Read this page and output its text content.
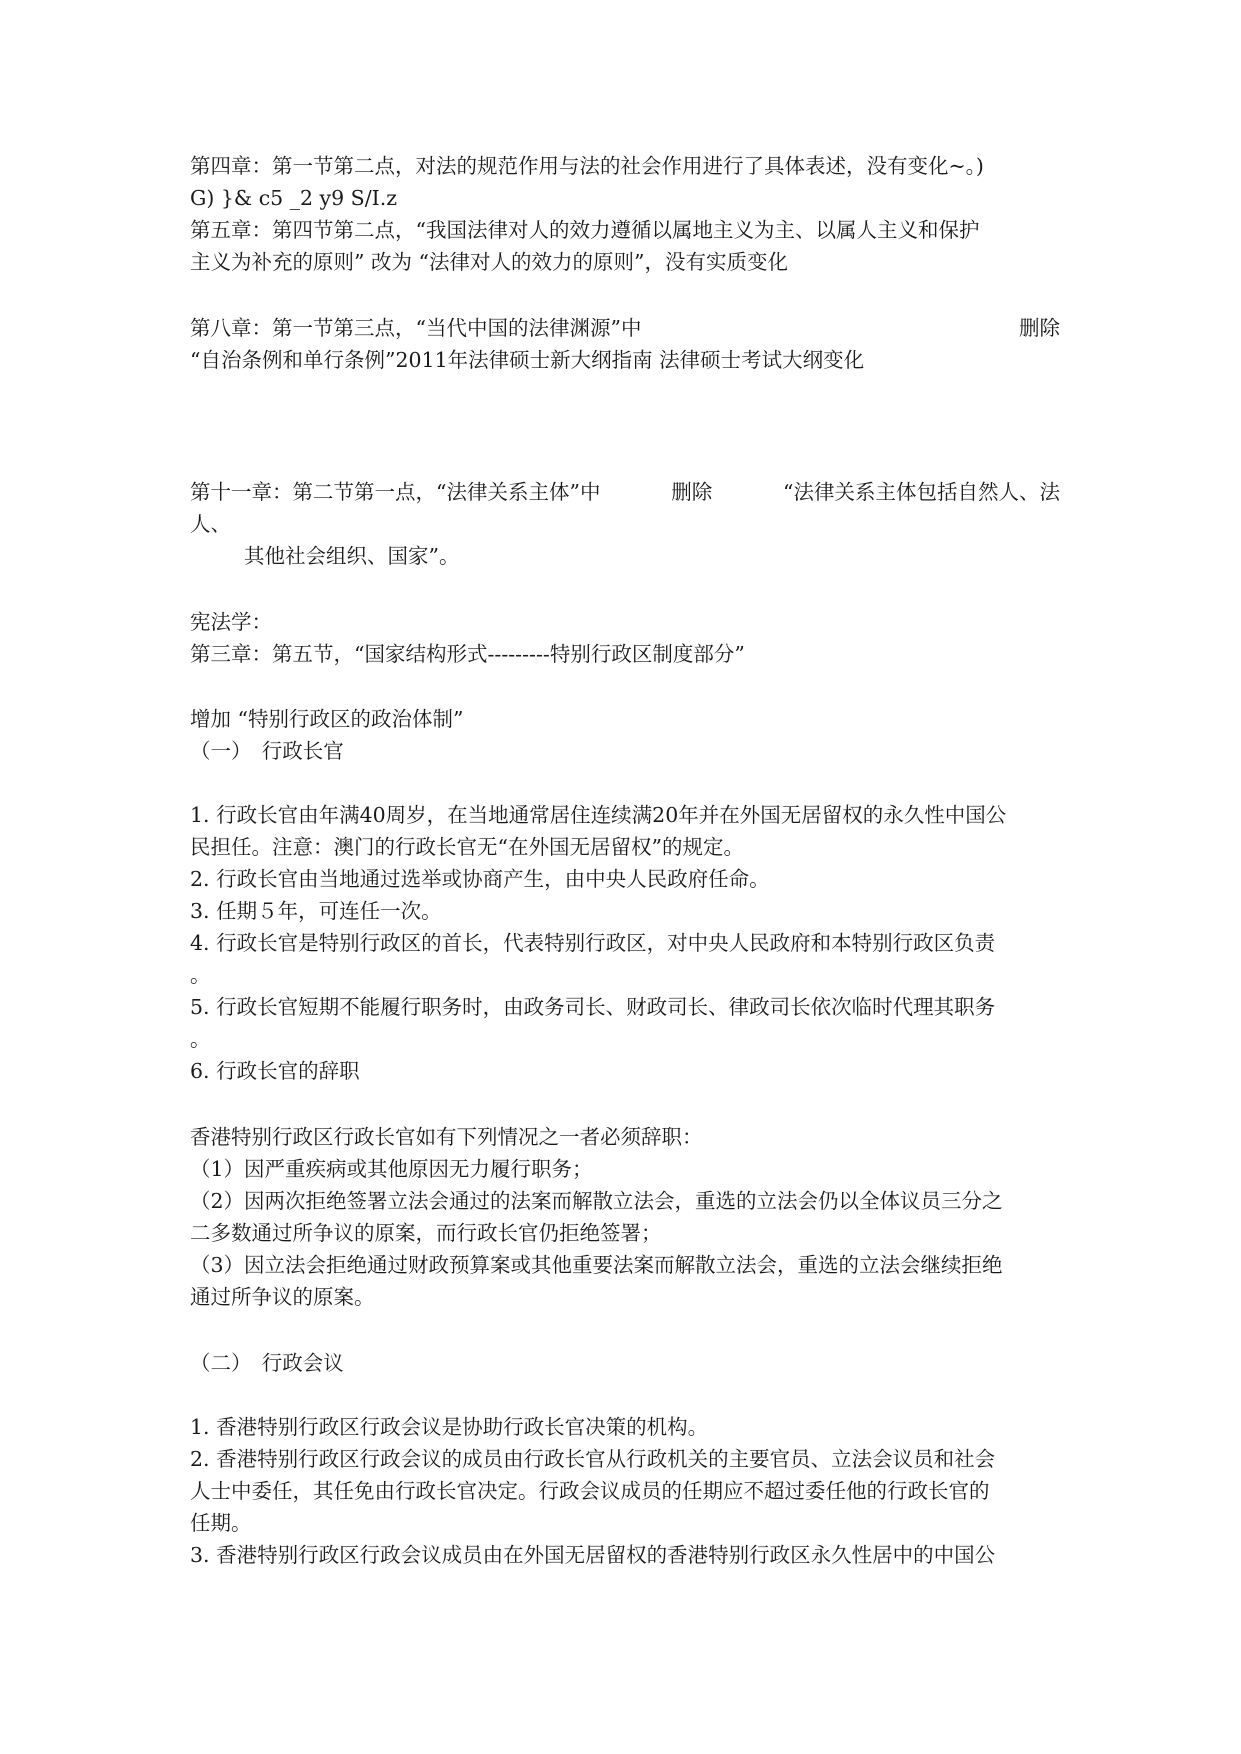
第四章：第一节第二点，对法的规范作用与法的社会作用进行了具体表述，没有变化~。)
G) }& c5 _2 y9 S/I.z
第五章：第四节第二点，“我国法律对人的效力遵循以属地主义为主、以属人主义和保护
主义为补充的原则” 改为 “法律对人的效力的原则”，没有实质变化
第八章：第一节第三点，“当代中国的法律渊源”中	删除
“自治条例和单行条例”2011年法律硕士新大纲指南 法律硕士考试大纲变化
第十一章：第二节第一点，“法律关系主体”中	删除	“法律关系主体包括自然人、法
人、
其他社会组织、国家”。
宪法学：
第三章：第五节，“国家结构形式---------特别行政区制度部分”
增加 “特别行政区的政治体制”
（一）　行政长官
1. 行政长官由年满40周岁，在当地通常居住连续满20年并在外国无居留权的永久性中国公
民担任。注意：澳门的行政长官无“在外国无居留权”的规定。
2. 行政长官由当地通过选举或协商产生，由中央人民政府任命。
3. 任期５年，可连任一次。
4. 行政长官是特别行政区的首长，代表特别行政区，对中央人民政府和本特别行政区负责
。
5. 行政长官短期不能履行职务时，由政务司长、财政司长、律政司长依次临时代理其职务
。
6. 行政长官的辞职
香港特别行政区行政长官如有下列情况之一者必须辞职：
（1）因严重疾病或其他原因无力履行职务；
（2）因两次拒绝签署立法会通过的法案而解散立法会，重选的立法会仍以全体议员三分之
二多数通过所争议的原案，而行政长官仍拒绝签署；
（3）因立法会拒绝通过财政预算案或其他重要法案而解散立法会，重选的立法会继续拒绝
通过所争议的原案。
（二）　行政会议
1. 香港特别行政区行政会议是协助行政长官决策的机构。
2. 香港特别行政区行政会议的成员由行政长官从行政机关的主要官员、立法会议员和社会
人士中委任，其任免由行政长官决定。行政会议成员的任期应不超过委任他的行政长官的
任期。
3. 香港特别行政区行政会议成员由在外国无居留权的香港特别行政区永久性居中的中国公
